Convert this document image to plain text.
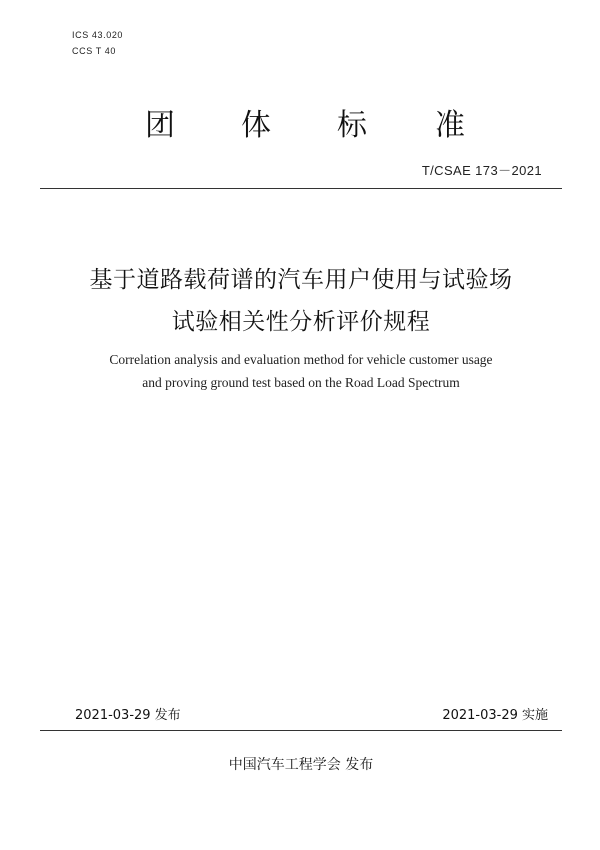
ICS 43.020
CCS T 40
团	体	标	准
T/CSAE 173－2021
基于道路载荷谱的汽车用户使用与试验场
试验相关性分析评价规程
Correlation analysis and evaluation method for vehicle customer usage
and proving ground test based on the Road Load Spectrum
2021-03-29 发布	2021-03-29 实施
中国汽车工程学会 发布
